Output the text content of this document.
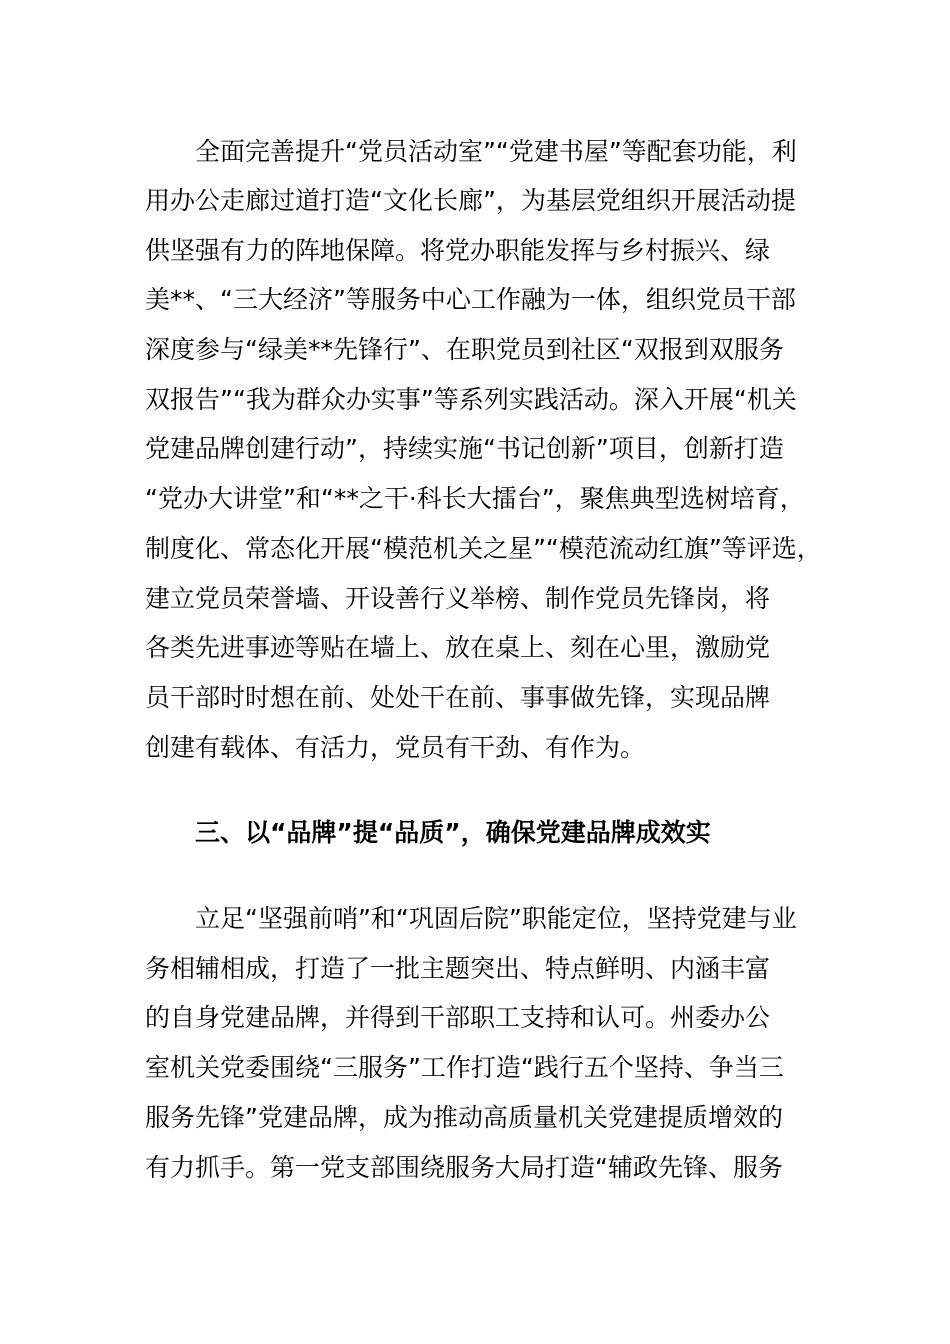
全面完善提升“党员活动室”“党建书屋”等配套功能，利
用办公走廊过道打造“文化长廊”，为基层党组织开展活动提
供坚强有力的阵地保障。将党办职能发挥与乡村振兴、绿
美**、“三大经济”等服务中心工作融为一体，组织党员干部
深度参与“绿美**先锋行”、在职党员到社区“双报到双服务
双报告”“我为群众办实事”等系列实践活动。深入开展“机关
党建品牌创建行动”，持续实施“书记创新”项目，创新打造
“党办大讲堂”和“**之干·科长大擂台”，聚焦典型选树培育，
制度化、常态化开展“模范机关之星”“模范流动红旗”等评选，
建立党员荣誉墙、开设善行义举榜、制作党员先锋岗，将
各类先进事迹等贴在墙上、放在桌上、刻在心里，激励党
员干部时时想在前、处处干在前、事事做先锋，实现品牌
创建有载体、有活力，党员有干劲、有作为。
三、以“品牌”提“品质”，确保党建品牌成效实
立足“坚强前哨”和“巩固后院”职能定位，坚持党建与业
务相辅相成，打造了一批主题突出、特点鲜明、内涵丰富
的自身党建品牌，并得到干部职工支持和认可。州委办公
室机关党委围绕“三服务”工作打造“践行五个坚持、争当三
服务先锋”党建品牌，成为推动高质量机关党建提质增效的
有力抓手。第一党支部围绕服务大局打造“辅政先锋、服务
